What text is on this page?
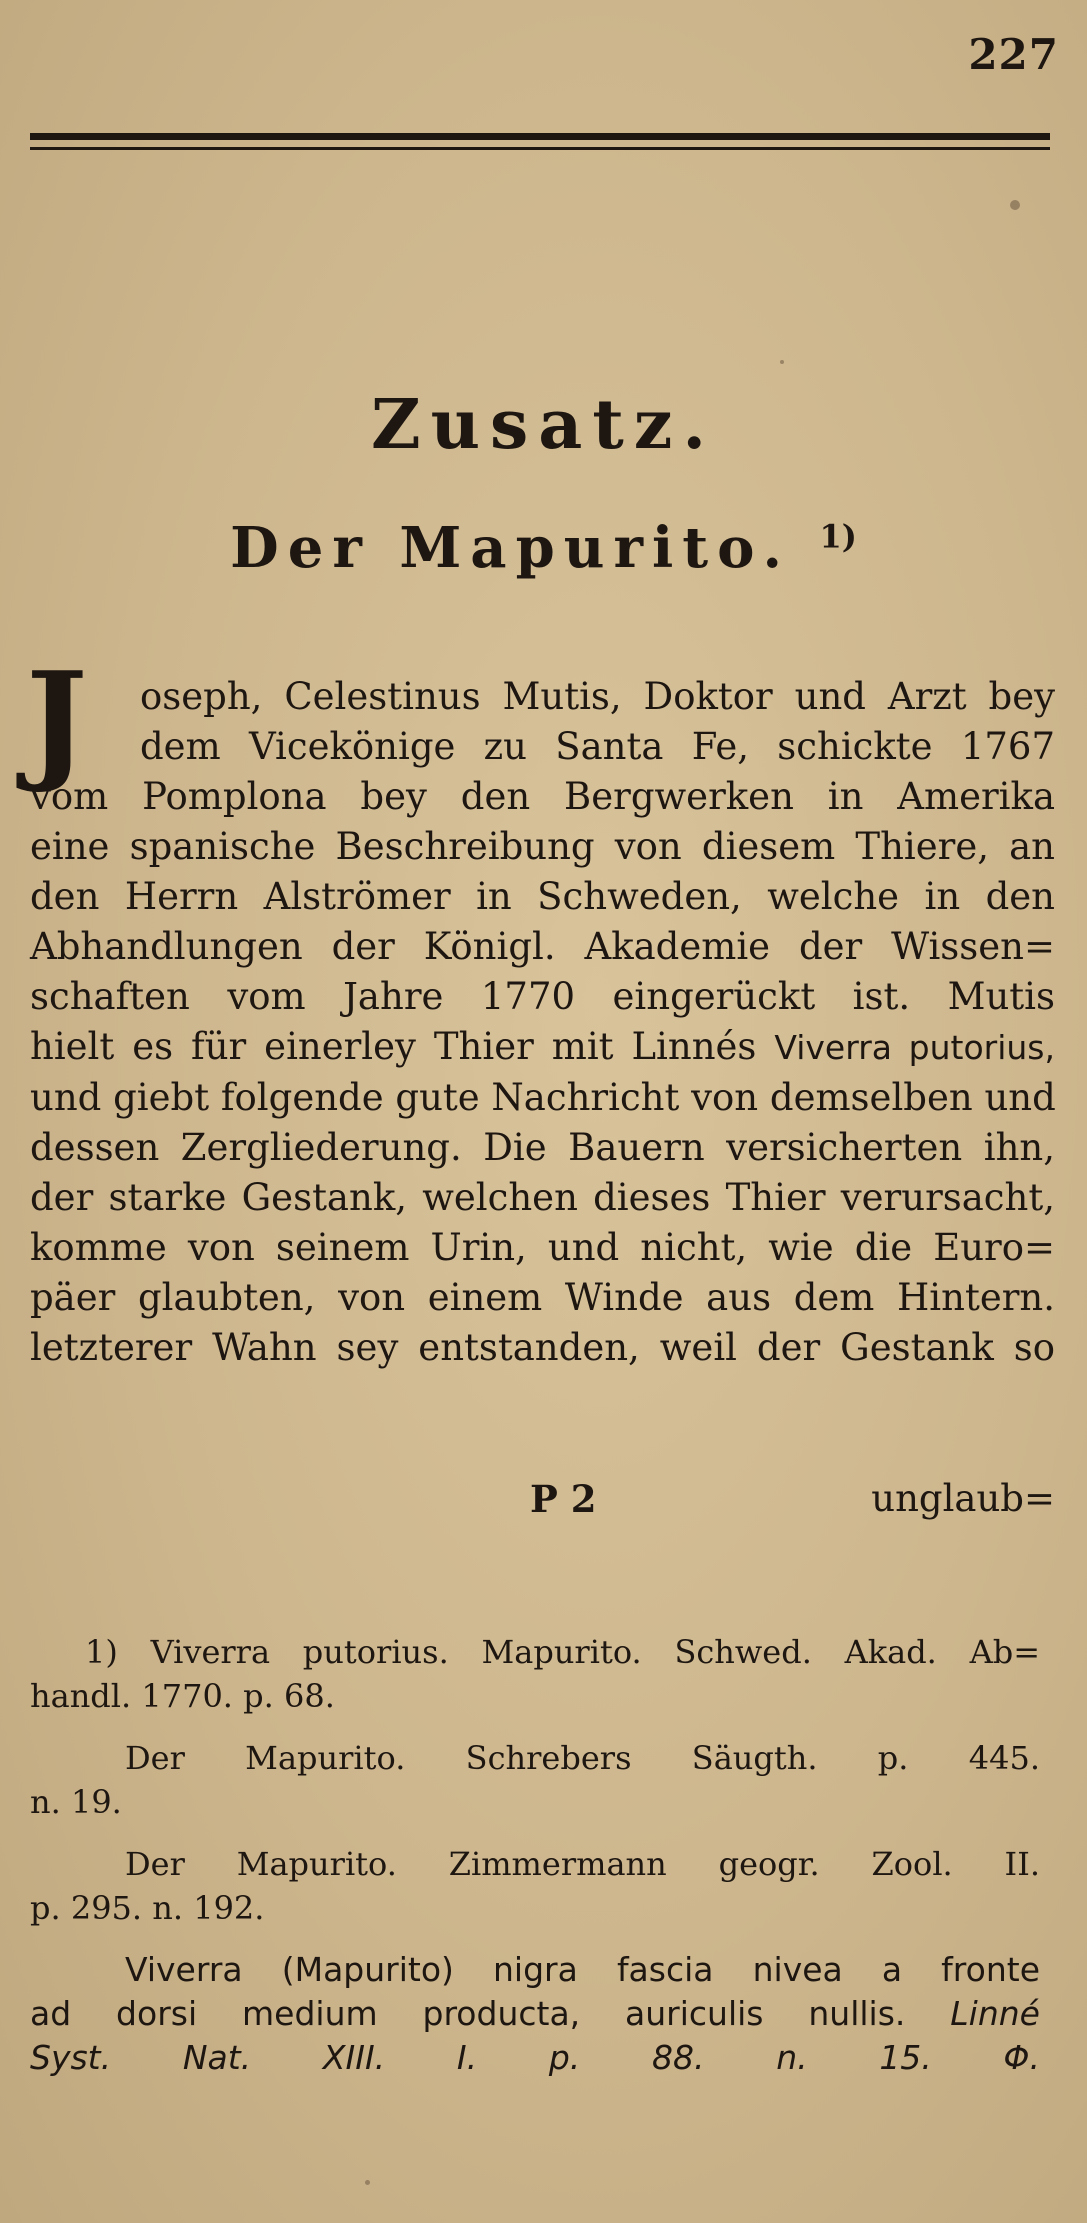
227
Zusatz.
Der Mapurito. $^{1)}$
J	oseph, Celestinus Mutis, Doktor und Arzt bey
dem Vicekönige zu Santa Fe, schickte 1767
vom Pomplona bey den Bergwerken in Amerika
eine spanische Beschreibung von diesem Thiere, an
den Herrn Alströmer in Schweden, welche in den
Abhandlungen der Königl. Akademie der Wissen=
schaften vom Jahre 1770 eingerückt ist. Mutis
hielt es für einerley Thier mit Linnés Viverra putorius,
und giebt folgende gute Nachricht von demselben und
dessen Zergliederung. Die Bauern versicherten ihn,
der starke Gestank, welchen dieses Thier verursacht,
komme von seinem Urin, und nicht, wie die Euro=
päer glaubten, von einem Winde aus dem Hintern.
letzterer Wahn sey entstanden, weil der Gestank so
P 2	unglaub=
1) Viverra putorius. Mapurito. Schwed. Akad. Ab=
handl. 1770. p. 68.
Der Mapurito. Schrebers Säugth. p. 445.
n. 19.
Der Mapurito. Zimmermann geogr. Zool. II.
p. 295. n. 192.
Viverra (Mapurito) nigra fascia nivea a fronte
ad dorsi medium producta, auriculis nullis. Linné
Syst. Nat. XIII. I. p. 88. n. 15. Φ.
